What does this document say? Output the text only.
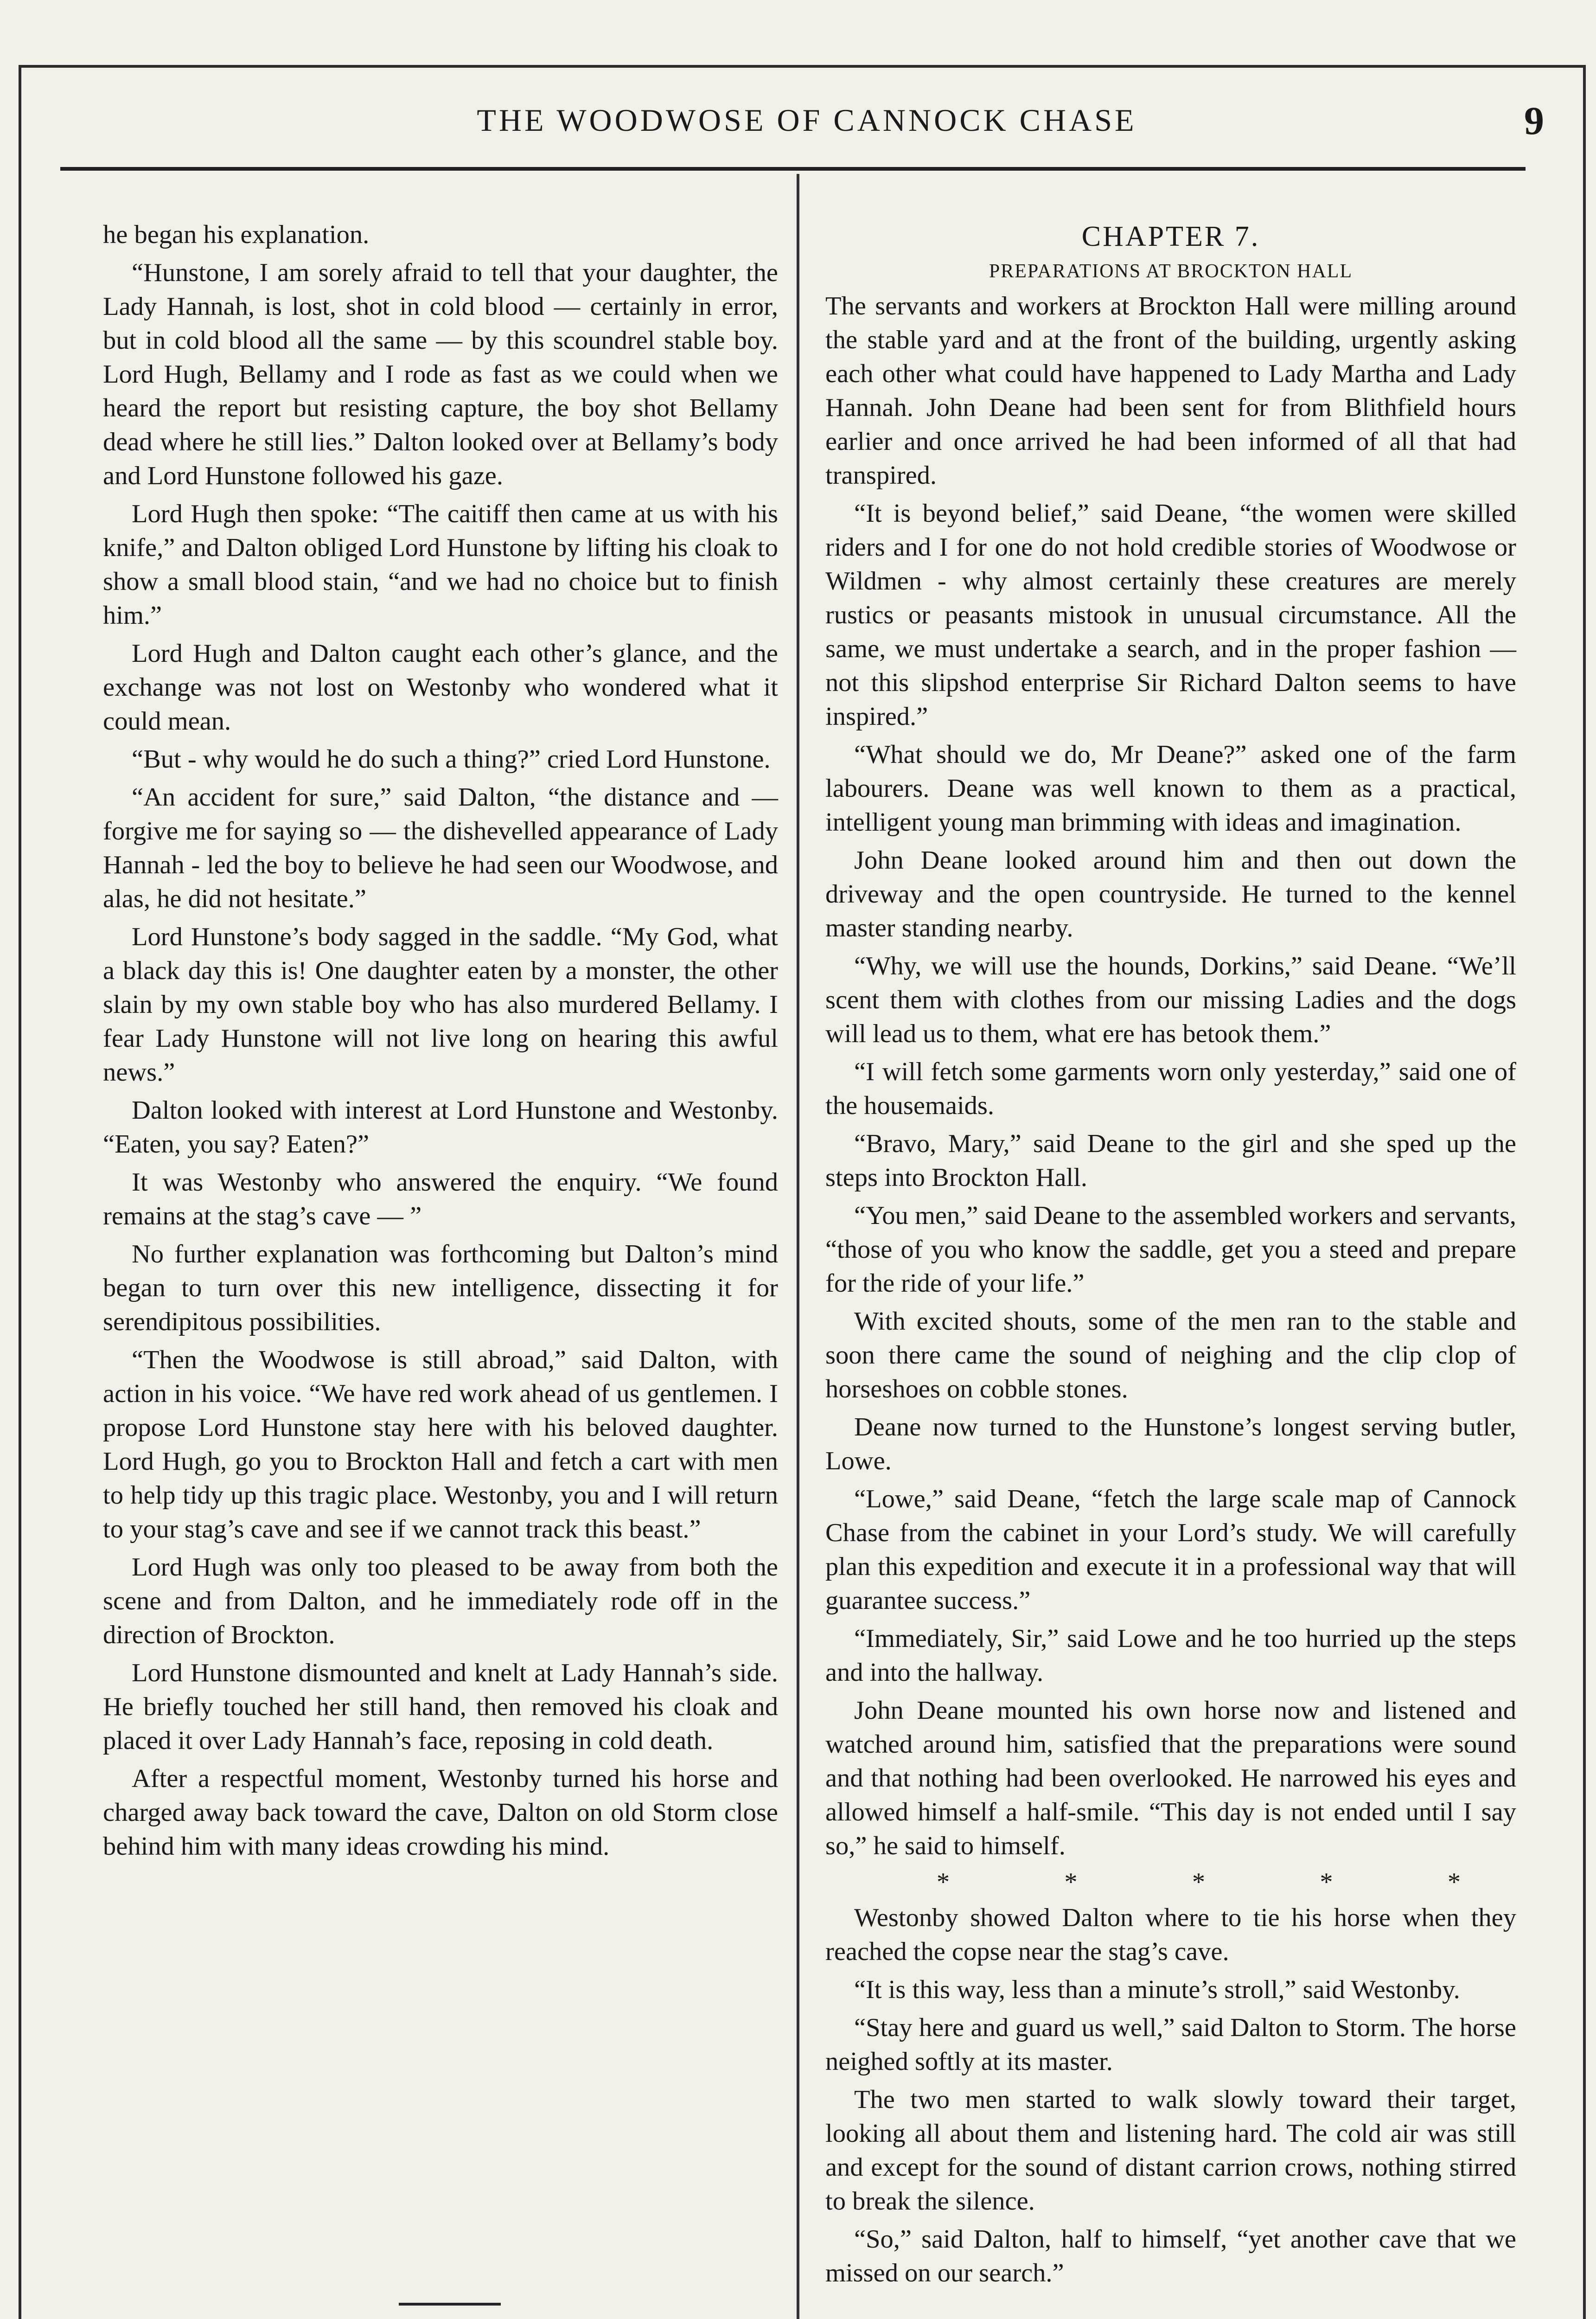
THE WOODWOSE OF CANNOCK CHASE	9

he began his explanation.

“Hunstone, I am sorely afraid to tell that your daughter, the Lady Hannah, is lost, shot in cold blood — certainly in error, but in cold blood all the same — by this scoundrel stable boy. Lord Hugh, Bellamy and I rode as fast as we could when we heard the report but resisting capture, the boy shot Bellamy dead where he still lies.” Dalton looked over at Bellamy’s body and Lord Hunstone followed his gaze.

Lord Hugh then spoke: “The caitiff then came at us with his knife,” and Dalton obliged Lord Hunstone by lifting his cloak to show a small blood stain, “and we had no choice but to finish him.”

Lord Hugh and Dalton caught each other’s glance, and the exchange was not lost on Westonby who wondered what it could mean.

“But - why would he do such a thing?” cried Lord Hunstone.

“An accident for sure,” said Dalton, “the distance and — forgive me for saying so — the dishevelled appearance of Lady Hannah - led the boy to believe he had seen our Woodwose, and alas, he did not hesitate.”

Lord Hunstone’s body sagged in the saddle. “My God, what a black day this is! One daughter eaten by a monster, the other slain by my own stable boy who has also murdered Bellamy. I fear Lady Hunstone will not live long on hearing this awful news.”

Dalton looked with interest at Lord Hunstone and Westonby. “Eaten, you say? Eaten?”

It was Westonby who answered the enquiry. “We found remains at the stag’s cave — ”

No further explanation was forthcoming but Dalton’s mind began to turn over this new intelligence, dissecting it for serendipitous possibilities.

“Then the Woodwose is still abroad,” said Dalton, with action in his voice. “We have red work ahead of us gentlemen. I propose Lord Hunstone stay here with his beloved daughter. Lord Hugh, go you to Brockton Hall and fetch a cart with men to help tidy up this tragic place. Westonby, you and I will return to your stag’s cave and see if we cannot track this beast.”

Lord Hugh was only too pleased to be away from both the scene and from Dalton, and he immediately rode off in the direction of Brockton.

Lord Hunstone dismounted and knelt at Lady Hannah’s side. He briefly touched her still hand, then removed his cloak and placed it over Lady Hannah’s face, reposing in cold death.

After a respectful moment, Westonby turned his horse and charged away back toward the cave, Dalton on old Storm close behind him with many ideas crowding his mind.

CHAPTER 7.
PREPARATIONS AT BROCKTON HALL

The servants and workers at Brockton Hall were milling around the stable yard and at the front of the building, urgently asking each other what could have happened to Lady Martha and Lady Hannah. John Deane had been sent for from Blithfield hours earlier and once arrived he had been informed of all that had transpired.

“It is beyond belief,” said Deane, “the women were skilled riders and I for one do not hold credible stories of Woodwose or Wildmen - why almost certainly these creatures are merely rustics or peasants mistook in unusual circumstance. All the same, we must undertake a search, and in the proper fashion — not this slipshod enterprise Sir Richard Dalton seems to have inspired.”

“What should we do, Mr Deane?” asked one of the farm labourers. Deane was well known to them as a practical, intelligent young man brimming with ideas and imagination.

John Deane looked around him and then out down the driveway and the open countryside. He turned to the kennel master standing nearby.

“Why, we will use the hounds, Dorkins,” said Deane. “We’ll scent them with clothes from our missing Ladies and the dogs will lead us to them, what ere has betook them.”

“I will fetch some garments worn only yesterday,” said one of the housemaids.

“Bravo, Mary,” said Deane to the girl and she sped up the steps into Brockton Hall.

“You men,” said Deane to the assembled workers and servants, “those of you who know the saddle, get you a steed and prepare for the ride of your life.”

With excited shouts, some of the men ran to the stable and soon there came the sound of neighing and the clip clop of horseshoes on cobble stones.

Deane now turned to the Hunstone’s longest serving butler, Lowe.

“Lowe,” said Deane, “fetch the large scale map of Cannock Chase from the cabinet in your Lord’s study. We will carefully plan this expedition and execute it in a professional way that will guarantee success.”

“Immediately, Sir,” said Lowe and he too hurried up the steps and into the hallway.

John Deane mounted his own horse now and listened and watched around him, satisfied that the preparations were sound and that nothing had been overlooked. He narrowed his eyes and allowed himself a half-smile. “This day is not ended until I say so,” he said to himself.

*	*	*	*	*

Westonby showed Dalton where to tie his horse when they reached the copse near the stag’s cave.

“It is this way, less than a minute’s stroll,” said Westonby.

“Stay here and guard us well,” said Dalton to Storm. The horse neighed softly at its master.

The two men started to walk slowly toward their target, looking all about them and listening hard. The cold air was still and except for the sound of distant carrion crows, nothing stirred to break the silence.

“So,” said Dalton, half to himself, “yet another cave that we missed on our search.”
